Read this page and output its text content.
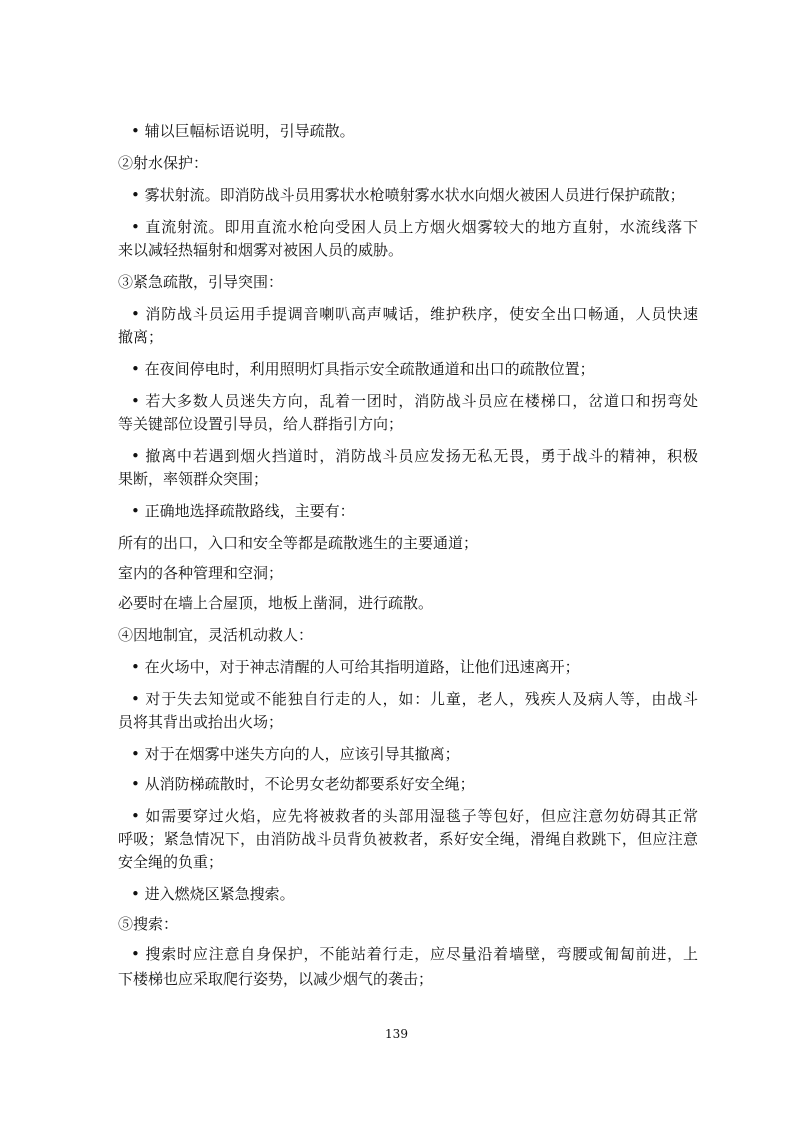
• 辅以巨幅标语说明，引导疏散。
②射水保护：
• 雾状射流。即消防战斗员用雾状水枪喷射雾水状水向烟火被困人员进行保护疏散；
• 直流射流。即用直流水枪向受困人员上方烟火烟雾较大的地方直射，水流线落下
来以减轻热辐射和烟雾对被困人员的威胁。
③紧急疏散，引导突围：
• 消防战斗员运用手提调音喇叭高声喊话，维护秩序，使安全出口畅通，人员快速
撤离；
• 在夜间停电时，利用照明灯具指示安全疏散通道和出口的疏散位置；
• 若大多数人员迷失方向，乱着一团时，消防战斗员应在楼梯口，岔道口和拐弯处
等关键部位设置引导员，给人群指引方向；
• 撤离中若遇到烟火挡道时，消防战斗员应发扬无私无畏，勇于战斗的精神，积极
果断，率领群众突围；
• 正确地选择疏散路线，主要有：
所有的出口，入口和安全等都是疏散逃生的主要通道；
室内的各种管理和空洞；
必要时在墙上合屋顶，地板上凿洞，进行疏散。
④因地制宜，灵活机动救人：
• 在火场中，对于神志清醒的人可给其指明道路，让他们迅速离开；
• 对于失去知觉或不能独自行走的人，如：儿童，老人，残疾人及病人等，由战斗
员将其背出或抬出火场；
• 对于在烟雾中迷失方向的人，应该引导其撤离；
• 从消防梯疏散时，不论男女老幼都要系好安全绳；
• 如需要穿过火焰，应先将被救者的头部用湿毯子等包好，但应注意勿妨碍其正常
呼吸；紧急情况下，由消防战斗员背负被救者，系好安全绳，滑绳自救跳下，但应注意
安全绳的负重；
• 进入燃烧区紧急搜索。
⑤搜索：
• 搜索时应注意自身保护，不能站着行走，应尽量沿着墙壁，弯腰或匍匐前进，上
下楼梯也应采取爬行姿势，以减少烟气的袭击；
139
